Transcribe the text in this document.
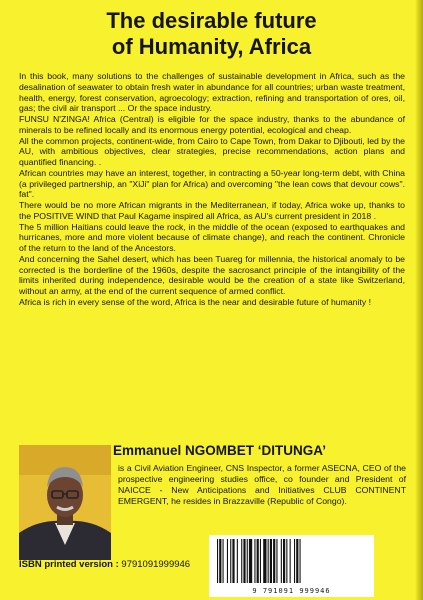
The desirable future
of Humanity, Africa

In this book, many solutions to the challenges of sustainable development in Africa, such as the desalination of seawater to obtain fresh water in abundance for all countries; urban waste treatment, health, energy, forest conservation, agroecology; extraction, refining and transportation of ores, oil, gas; the civil air transport ... Or the space industry.

FUNSU N'ZINGA! Africa (Central) is eligible for the space industry, thanks to the abundance of minerals to be refined locally and its enormous energy potential, ecological and cheap.

All the common projects, continent-wide, from Cairo to Cape Town, from Dakar to Djibouti, led by the AU, with ambitious objectives, clear strategies, precise recommendations, action plans and quantified financing. .

African countries may have an interest, together, in contracting a 50-year long-term debt, with China (a privileged partnership, an "XiJi" plan for Africa) and overcoming "the lean cows that devour cows". fat".

There would be no more African migrants in the Mediterranean, if today, Africa woke up, thanks to the POSITIVE WIND that Paul Kagame inspired all Africa, as AU's current president in 2018 .

The 5 million Haitians could leave the rock, in the middle of the ocean (exposed to earthquakes and hurricanes, more and more violent because of climate change), and reach the continent. Chronicle of the return to the land of the Ancestors.

And concerning the Sahel desert, which has been Tuareg for millennia, the historical anomaly to be corrected is the borderline of the 1960s, despite the sacrosanct principle of the intangibility of the limits inherited during independence, desirable would be the creation of a state like Switzerland, without an army, at the end of the current sequence of armed conflict.

Africa is rich in every sense of the word, Africa is the near and desirable future of humanity !

Emmanuel NGOMBET ‘DITUNGA’

is a Civil Aviation Engineer, CNS Inspector, a former ASECNA, CEO of the prospective engineering studies office, co founder and President of NAICCE - New Anticipations and Initiatives CLUB CONTINENT EMERGENT, he resides in Brazzaville (Republic of Congo).

ISBN printed version : 9791091999946
9 791091 999946
